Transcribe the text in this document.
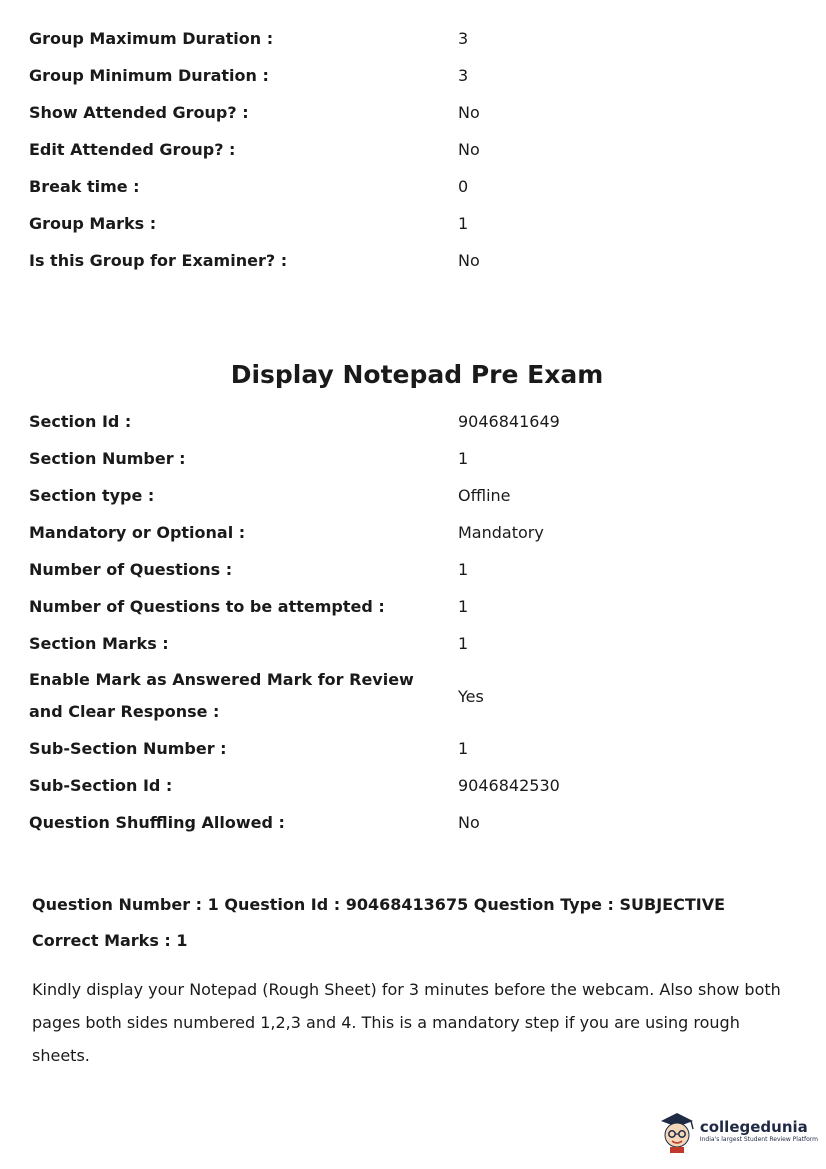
Group Maximum Duration :	3
Group Minimum Duration :	3
Show Attended Group? :	No
Edit Attended Group? :	No
Break time :	0
Group Marks :	1
Is this Group for Examiner? :	No
Display Notepad Pre Exam
Section Id :	9046841649
Section Number :	1
Section type :	Offline
Mandatory or Optional :	Mandatory
Number of Questions :	1
Number of Questions to be attempted :	1
Section Marks :	1
Enable Mark as Answered Mark for Review and Clear Response :
Yes
Sub-Section Number :	1
Sub-Section Id :	9046842530
Question Shuffling Allowed :	No
Question Number : 1 Question Id : 90468413675 Question Type : SUBJECTIVE
Correct Marks : 1
Kindly display your Notepad (Rough Sheet) for 3 minutes before the webcam. Also show both pages both sides numbered 1,2,3 and 4. This is a mandatory step if you are using rough sheets.
collegedunia
India's largest Student Review Platform
